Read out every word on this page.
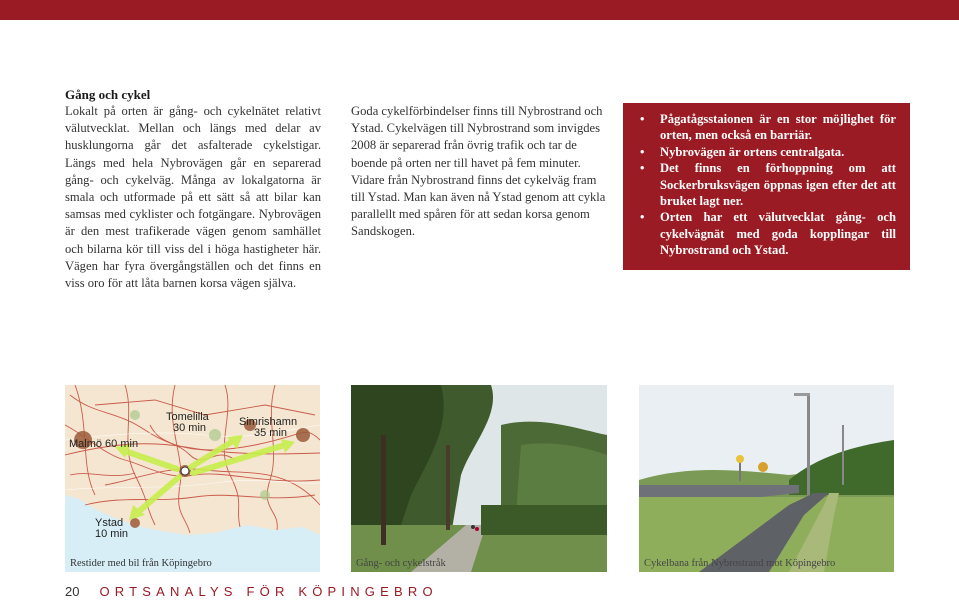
Gång och cykel

Lokalt på orten är gång- och cykelnätet relativt välutvecklat. Mellan och längs med delar av husklungorna går det asfalterade cykelstigar. Längs med hela Nybrovägen går en separerad gång- och cykelväg. Många av lokalgatorna är smala och utformade på ett sätt så att bilar kan samsas med cyklister och fotgängare. Nybrovägen är den mest trafikerade vägen genom samhället och bilarna kör till viss del i höga hastigheter här. Vägen har fyra övergångställen och det finns en viss oro för att låta barnen korsa vägen själva.

Goda cykelförbindelser finns till Nybrostrand och Ystad. Cykelvägen till Nybrostrand som invigdes 2008 är separerad från övrig trafik och tar de boende på orten ner till havet på fem minuter. Vidare från Nybrostrand finns det cykelväg fram till Ystad. Man kan även nå Ystad genom att cykla parallellt med spåren för att sedan korsa genom Sandskogen.

• Pågatågsstaionen är en stor möjlighet för orten, men också en barriär.
• Nybrovägen är ortens centralgata.
• Det finns en förhoppning om att Sockerbruksvägen öppnas igen efter det att bruket lagt ner.
• Orten har ett välutvecklat gång- och cykelvägnät med goda kopplingar till Nybrostrand och Ystad.
Malmö 60 min
Tomelilla
30 min	Simrishamn
35 min
Ystad
10 min
Restider med bil från Köpingebro	Gång- och cykelstråk	Cykelbana från Nybrostrand mot Köpingebro
20 ORTSANALYS FÖR KÖPINGEBRO
